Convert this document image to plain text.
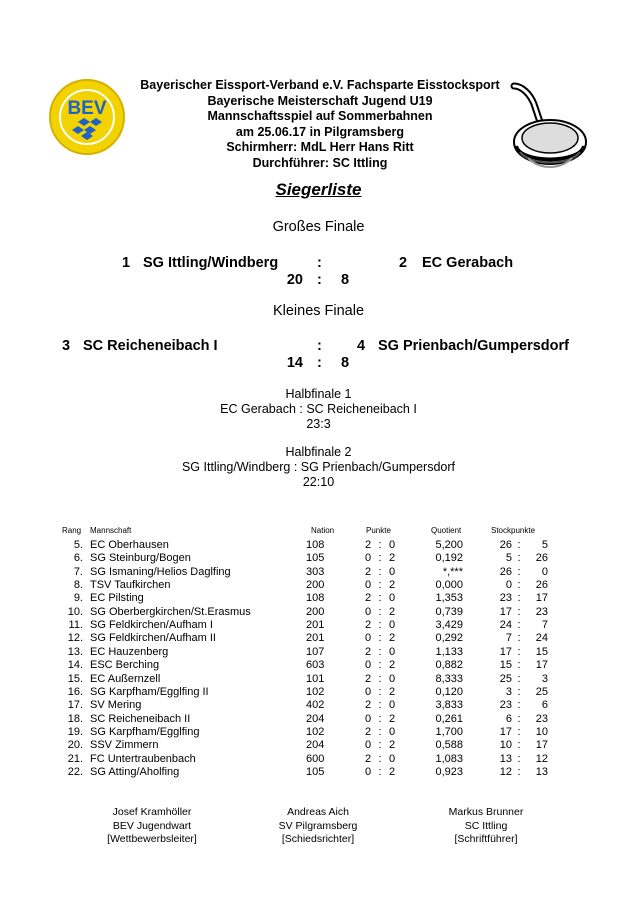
BEV
Bayerischer Eissport-Verband e.V. Fachsparte Eisstocksport
Bayerische Meisterschaft Jugend U19
Mannschaftsspiel auf Sommerbahnen
am 25.06.17 in Pilgramsberg
Schirmherr: MdL Herr Hans Ritt
Durchführer: SC Ittling
Siegerliste
Großes Finale
1 SG Ittling/Windberg	:	2 EC Gerabach
20 : 8
Kleines Finale
3 SC Reicheneibach I	: 4 SG Prienbach/Gumpersdorf
14 : 8
Halbfinale 1
EC Gerabach : SC Reicheneibach I
23:3
Halbfinale 2
SG Ittling/Windberg : SG Prienbach/Gumpersdorf
22:10
Rang Mannschaft	Nation	Punkte	Quotient	Stockpunkte
5. EC Oberhausen	108	2 : 0	5,200	26 :	5
6. SG Steinburg/Bogen	105	0 : 2	0,192	5 :	26
7. SG Ismaning/Helios Daglfing	303	2 : 0	*,***	26 :	0
8. TSV Taufkirchen	200	0 : 2	0,000	0 :	26
9. EC Pilsting	108	2 : 0	1,353	23 :	17
10. SG Oberbergkirchen/St.Erasmus	200	0 : 2	0,739	17 :	23
11. SG Feldkirchen/Aufham I	201	2 : 0	3,429	24 :	7
12. SG Feldkirchen/Aufham II	201	0 : 2	0,292	7 :	24
13. EC Hauzenberg	107	2 : 0	1,133	17 :	15
14. ESC Berching	603	0 : 2	0,882	15 :	17
15. EC Außernzell	101	2 : 0	8,333	25 :	3
16. SG Karpfham/Egglfing II	102	0 : 2	0,120	3 :	25
17. SV Mering	402	2 : 0	3,833	23 :	6
18. SC Reicheneibach II	204	0 : 2	0,261	6 :	23
19. SG Karpfham/Egglfing	102	2 : 0	1,700	17 :	10
20. SSV Zimmern	204	0 : 2	0,588	10 :	17
21. FC Untertraubenbach	600	2 : 0	1,083	13 :	12
22. SG Atting/Aholfing	105	0 : 2	0,923	12 :	13
Josef Kramhöller
BEV Jugendwart
[Wettbewerbsleiter]
Andreas Aich
SV Pilgramsberg
[Schiedsrichter]
Markus Brunner
SC Ittling
[Schriftführer]
